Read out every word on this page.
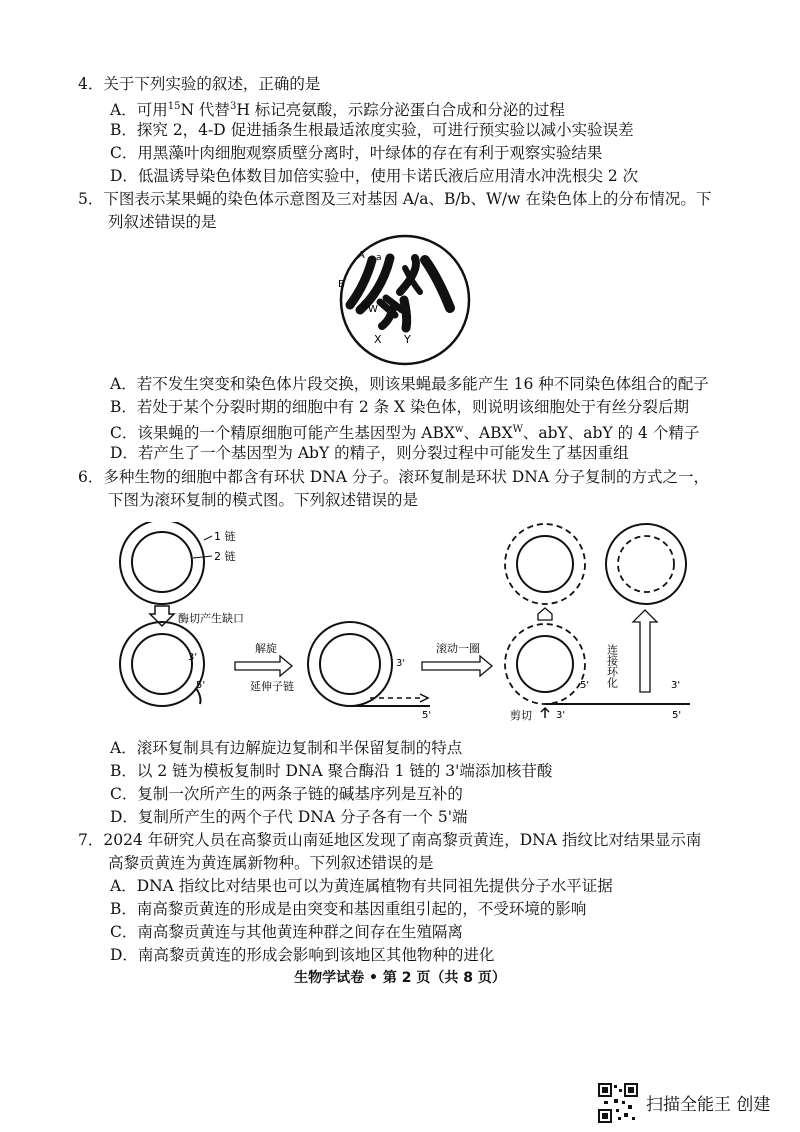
4．关于下列实验的叙述，正确的是
A．可用$^{15}$N 代替$^3$H 标记亮氨酸，示踪分泌蛋白合成和分泌的过程
B．探究 2，4-D 促进插条生根最适浓度实验，可进行预实验以减小实验误差
C．用黑藻叶肉细胞观察质壁分离时，叶绿体的存在有利于观察实验结果
D．低温诱导染色体数目加倍实验中，使用卡诺氏液后应用清水冲洗根尖 2 次
5．下图表示某果蝇的染色体示意图及三对基因 A/a、B/b、W/w 在染色体上的分布情况。下
列叙述错误的是
A a
B
b W
X Y
A．若不发生突变和染色体片段交换，则该果蝇最多能产生 16 种不同染色体组合的配子
B．若处于某个分裂时期的细胞中有 2 条 X 染色体，则说明该细胞处于有丝分裂后期
C．该果蝇的一个精原细胞可能产生基因型为 ABX$^w$、$ABX^W$、abY、abY 的 4 个精子
D．若产生了一个基因型为 AbY 的精子，则分裂过程中可能发生了基因重组
6．多种生物的细胞中都含有环状 DNA 分子。滚环复制是环状 DNA 分子复制的方式之一，
下图为滚环复制的模式图。下列叙述错误的是
1 链
2 链
酶切产生缺口
3'
5'
解旋
延伸子链
3'
5'
滚动一圈
5'
3'
3'
5'
剪切
连接环化
A．滚环复制具有边解旋边复制和半保留复制的特点
B．以 2 链为模板复制时 DNA 聚合酶沿 1 链的 3'端添加核苷酸
C．复制一次所产生的两条子链的碱基序列是互补的
D．复制所产生的两个子代 DNA 分子各有一个 5'端
7．2024 年研究人员在高黎贡山南延地区发现了南高黎贡黄连，DNA 指纹比对结果显示南
高黎贡黄连为黄连属新物种。下列叙述错误的是
A．DNA 指纹比对结果也可以为黄连属植物有共同祖先提供分子水平证据
B．南高黎贡黄连的形成是由突变和基因重组引起的，不受环境的影响
C．南高黎贡黄连与其他黄连种群之间存在生殖隔离
D．南高黎贡黄连的形成会影响到该地区其他物种的进化
生物学试卷 • 第 2 页（共 8 页）
扫描全能王 创建
